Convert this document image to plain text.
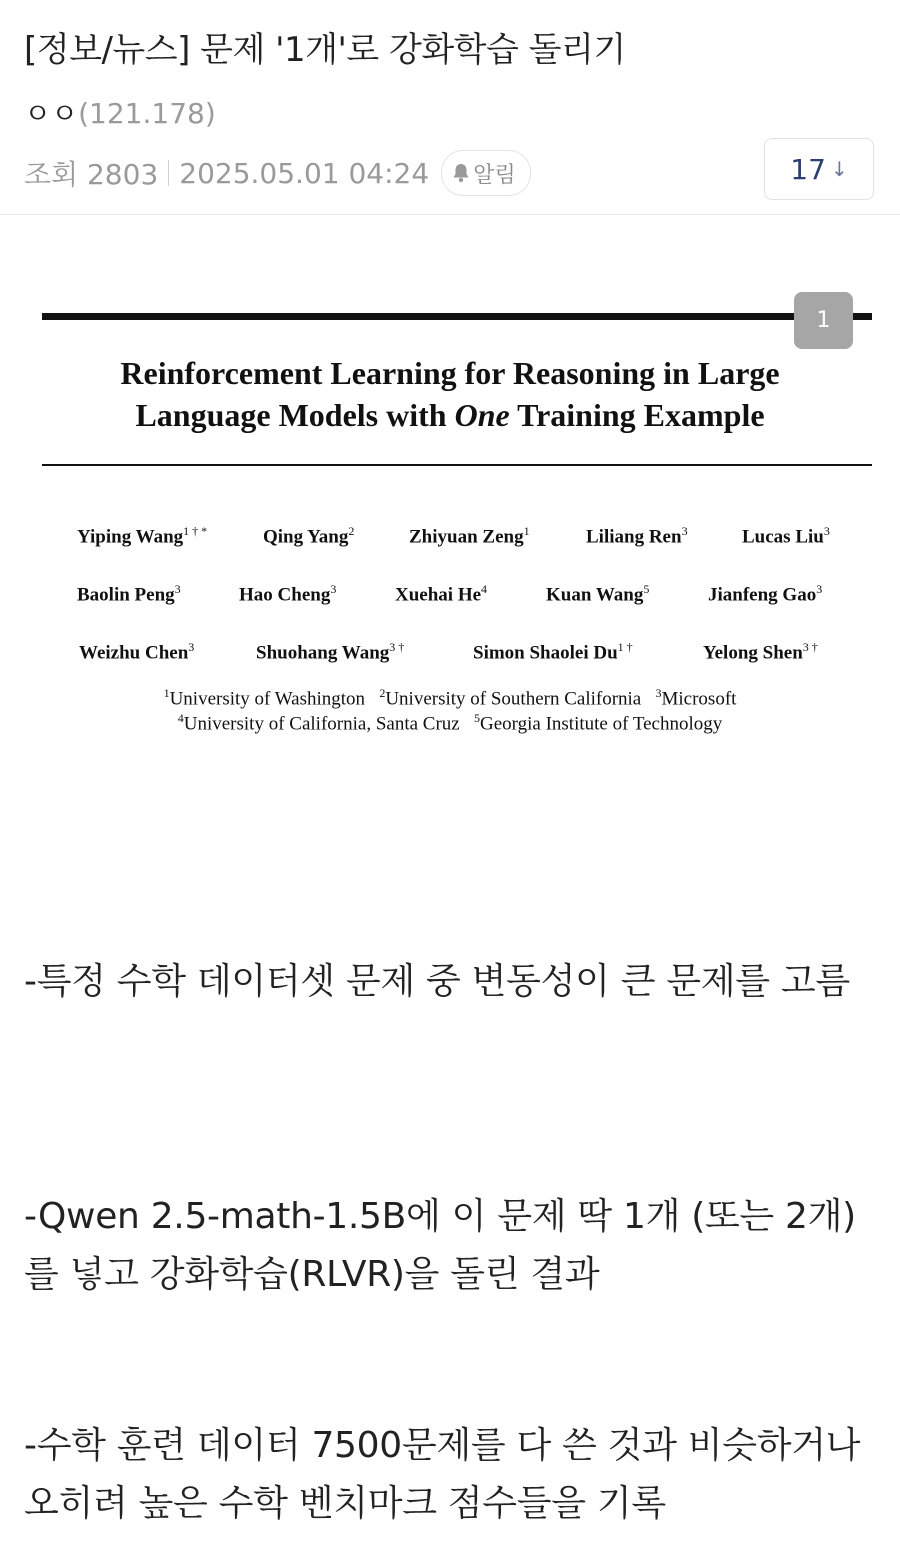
[정보/뉴스] 문제 '1개'로 강화학습 돌리기
ㅇㅇ(121.178)
조회 2803 2025.05.01 04:24 알림	17 ↓
Reinforcement Learning for Reasoning in Large
Language Models with One Training Example
Yiping Wang$^{1 \dagger *}$	Qing Yang$^2$	Zhiyuan Zeng$^1$	Liliang Ren$^3$	Lucas Liu$^3$
Baolin Peng$^3$	Hao Cheng$^3$	Xuehai He$^4$	Kuan Wang$^5$	Jianfeng Gao$^3$
Weizhu Chen$^3$	Shuohang Wang$^{3 \dagger}$	Simon Shaolei $Du^{1 \dagger}$	Yelong Shen$^{3 \dagger}$
$^1$University of Washington $^2$University of Southern California $^3$Microsoft
$^4$University of California, Santa Cruz $^5$Georgia Institute of Technology
1
-특정 수학 데이터셋 문제 중 변동성이 큰 문제를 고름
-Qwen 2.5-math-1.5B에 이 문제 딱 1개 (또는 2개) 를 넣고 강화학습(RLVR)을 돌린 결과
-수학 훈련 데이터 7500문제를 다 쓴 것과 비슷하거나 오히려 높은 수학 벤치마크 점수들을 기록
